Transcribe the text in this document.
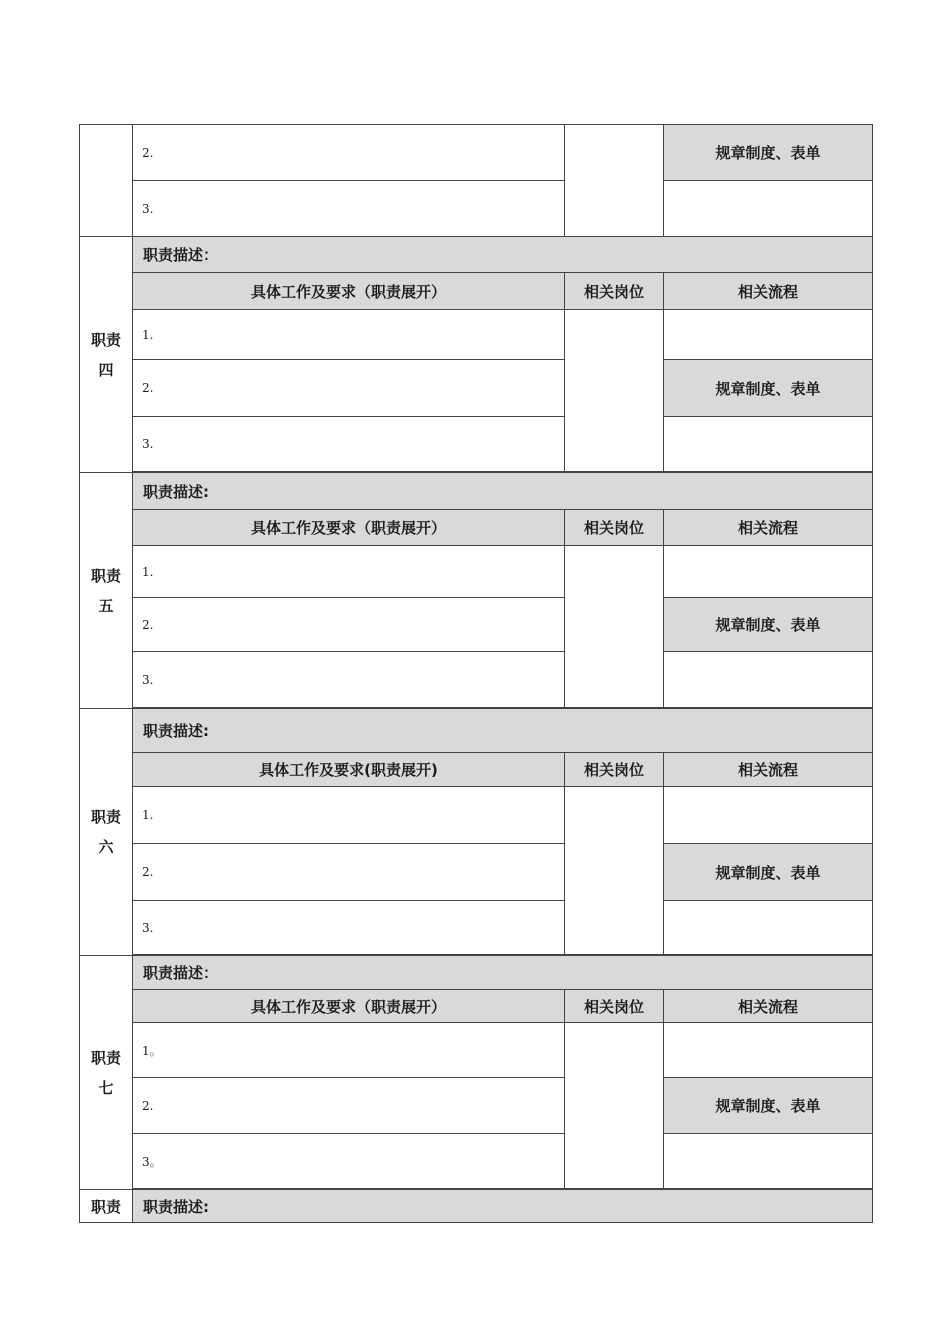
	2.		规章制度、表单
	3.		
职责
四	职责描述：		
	具体工作及要求（职责展开）	相关岗位	相关流程
	1.		
	2.		规章制度、表单
	3.		

职责
五	职责描述:		
	具体工作及要求（职责展开）	相关岗位	相关流程
	1.		
	2.		规章制度、表单
	3.		

职责
六	职责描述:		
	具体工作及要求(职责展开)	相关岗位	相关流程
	1.		
	2.		规章制度、表单
	3.		

职责
七	职责描述：		
	具体工作及要求（职责展开）	相关岗位	相关流程
	1。		
	2.		规章制度、表单
	3。		

职责	职责描述:		
